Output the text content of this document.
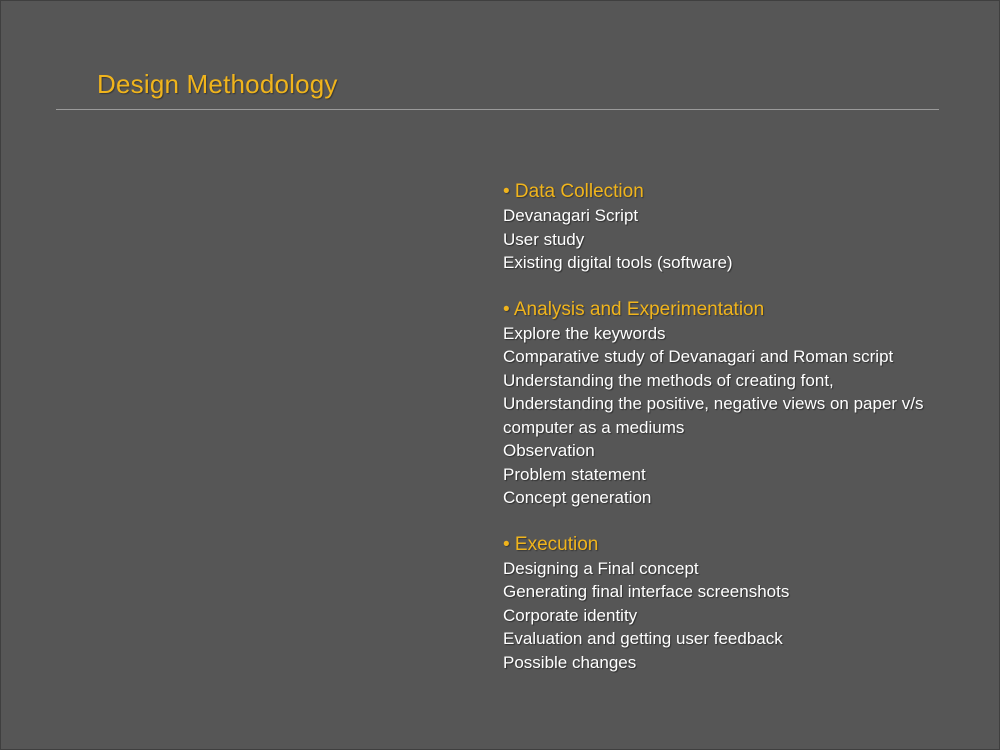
Design Methodology
• Data Collection
Devanagari Script
User study
Existing digital tools (software)
• Analysis and Experimentation
Explore the keywords
Comparative study of Devanagari and Roman script
Understanding the methods of creating font,
Understanding the positive, negative views on paper v/s
computer as a mediums
Observation
Problem statement
Concept generation
• Execution
Designing a Final concept
Generating final interface screenshots
Corporate identity
Evaluation and getting user feedback
Possible changes
